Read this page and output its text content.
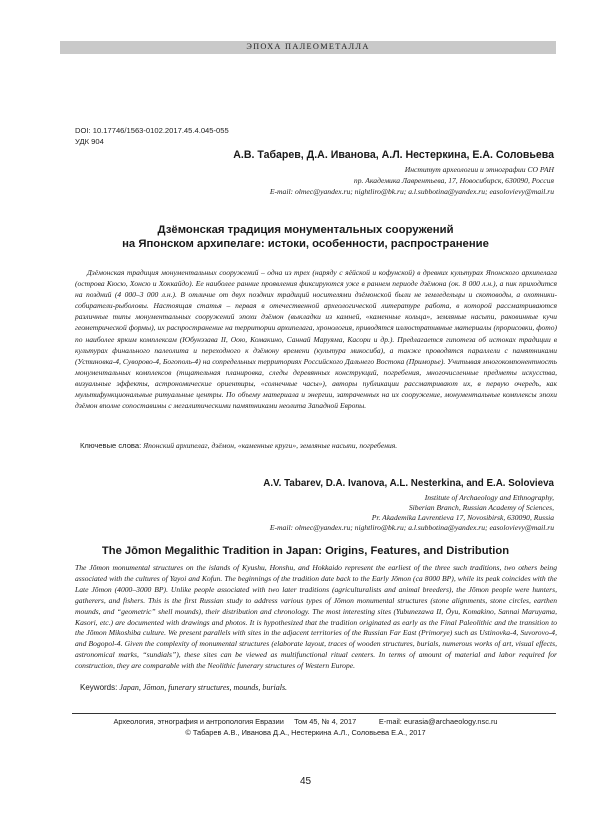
ЭПОХА ПАЛЕОМЕТАЛЛА
DOI: 10.17746/1563-0102.2017.45.4.045-055
УДК 904
А.В. Табарев, Д.А. Иванова, А.Л. Нестеркина, Е.А. Соловьева
Институт археологии и этнографии СО РАН
пр. Академика Лаврентьева, 17, Новосибирск, 630090, Россия
E-mail: olmec@yandex.ru; nightliro@bk.ru; a.l.subbotina@yandex.ru; easolovievy@mail.ru
Дзёмонская традиция монументальных сооружений
на Японском архипелаге: истоки, особенности, распространение
Дзёмонская традиция монументальных сооружений – одна из трех (наряду с яёйской и кофунской) в древних культурах Японского архипелага (острова Кюсю, Хонсю и Хоккайдо). Ее наиболее ранние проявления фиксируются уже в раннем периоде дзёмона (ок. 8 000 л.н.), а пик приходится на поздний (4 000–3 000 л.н.). В отличие от двух поздних традиций носителями дзёмонской были не земледельцы и скотоводы, а охотники-собиратели-рыболовы. Настоящая статья – первая в отечественной археологической литературе работа, в которой рассматриваются различные типы монументальных сооружений эпохи дзёмон (выкладки из камней, «каменные кольца», земляные насыпи, раковинные кучи геометрической формы), их распространение на территории архипелага, хронология, приводятся иллюстративные материалы (прорисовки, фото) по наиболее ярким комплексам (Юбунэзава II, Оою, Комакино, Саннай Маруяма, Касори и др.). Предлагается гипотеза об истоках традиции в культурах финального палеолита и переходного к дзёмону времени (культура микосиба), а также проводятся параллели с памятниками (Устиновка-4, Суворово-4, Богополь-4) на сопредельных территориях Российского Дальнего Востока (Приморье). Учитывая многокомпонентность монументальных комплексов (тщательная планировка, следы деревянных конструкций, погребения, многочисленные предметы искусства, визуальные эффекты, астрономические ориентиры, «солнечные часы»), авторы публикации рассматривают их, в первую очередь, как мультифункциональные ритуальные центры. По объему материала и энергии, затраченных на их сооружение, монументальные комплексы эпохи дзёмон вполне сопоставимы с мегалитическими памятниками неолита Западной Европы.
Ключевые слова: Японский архипелаг, дзёмон, «каменные круги», земляные насыпи, погребения.
A.V. Tabarev, D.A. Ivanova, A.L. Nesterkina, and E.A. Solovieva
Institute of Archaeology and Ethnography,
Siberian Branch, Russian Academy of Sciences,
Pr. Akademika Lavrentieva 17, Novosibirsk, 630090, Russia
E-mail: olmec@yandex.ru; nightliro@bk.ru; a.l.subbotina@yandex.ru; easolovievy@mail.ru
The Jōmon Megalithic Tradition in Japan: Origins, Features, and Distribution
The Jōmon monumental structures on the islands of Kyushu, Honshu, and Hokkaido represent the earliest of the three such traditions, two others being associated with the cultures of Yayoi and Kofun. The beginnings of the tradition date back to the Early Jōmon (ca 8000 BP), while its peak coincides with the Late Jōmon (4000–3000 BP). Unlike people associated with two later traditions (agriculturalists and animal breeders), the Jōmon people were hunters, gatherers, and fishers. This is the first Russian study to address various types of Jōmon monumental structures (stone alignments, stone circles, earthen mounds, and “geometric” shell mounds), their distribution and chronology. The most interesting sites (Yubunezawa II, Ōyu, Komakino, Sannai Maruyama, Kasori, etc.) are documented with drawings and photos. It is hypothesized that the tradition originated as early as the Final Paleolithic and the transition to the Jōmon Mikoshiba culture. We present parallels with sites in the adjacent territories of the Russian Far East (Primorye) such as Ustinovka-4, Suvorovo-4, and Bogopol-4. Given the complexity of monumental structures (elaborate layout, traces of wooden structures, burials, numerous works of art, visual effects, astronomical marks, “sundials”), these sites can be viewed as multifunctional ritual centers. In terms of amount of material and labor required for construction, they are comparable with the Neolithic funerary structures of Western Europe.
Keywords: Japan, Jōmon, funerary structures, mounds, burials.
Археология, этнография и антропология Евразии Том 45, № 4, 2017	E-mail: eurasia@archaeology.nsc.ru
© Табарев А.В., Иванова Д.А., Нестеркина А.Л., Соловьева Е.А., 2017
45
